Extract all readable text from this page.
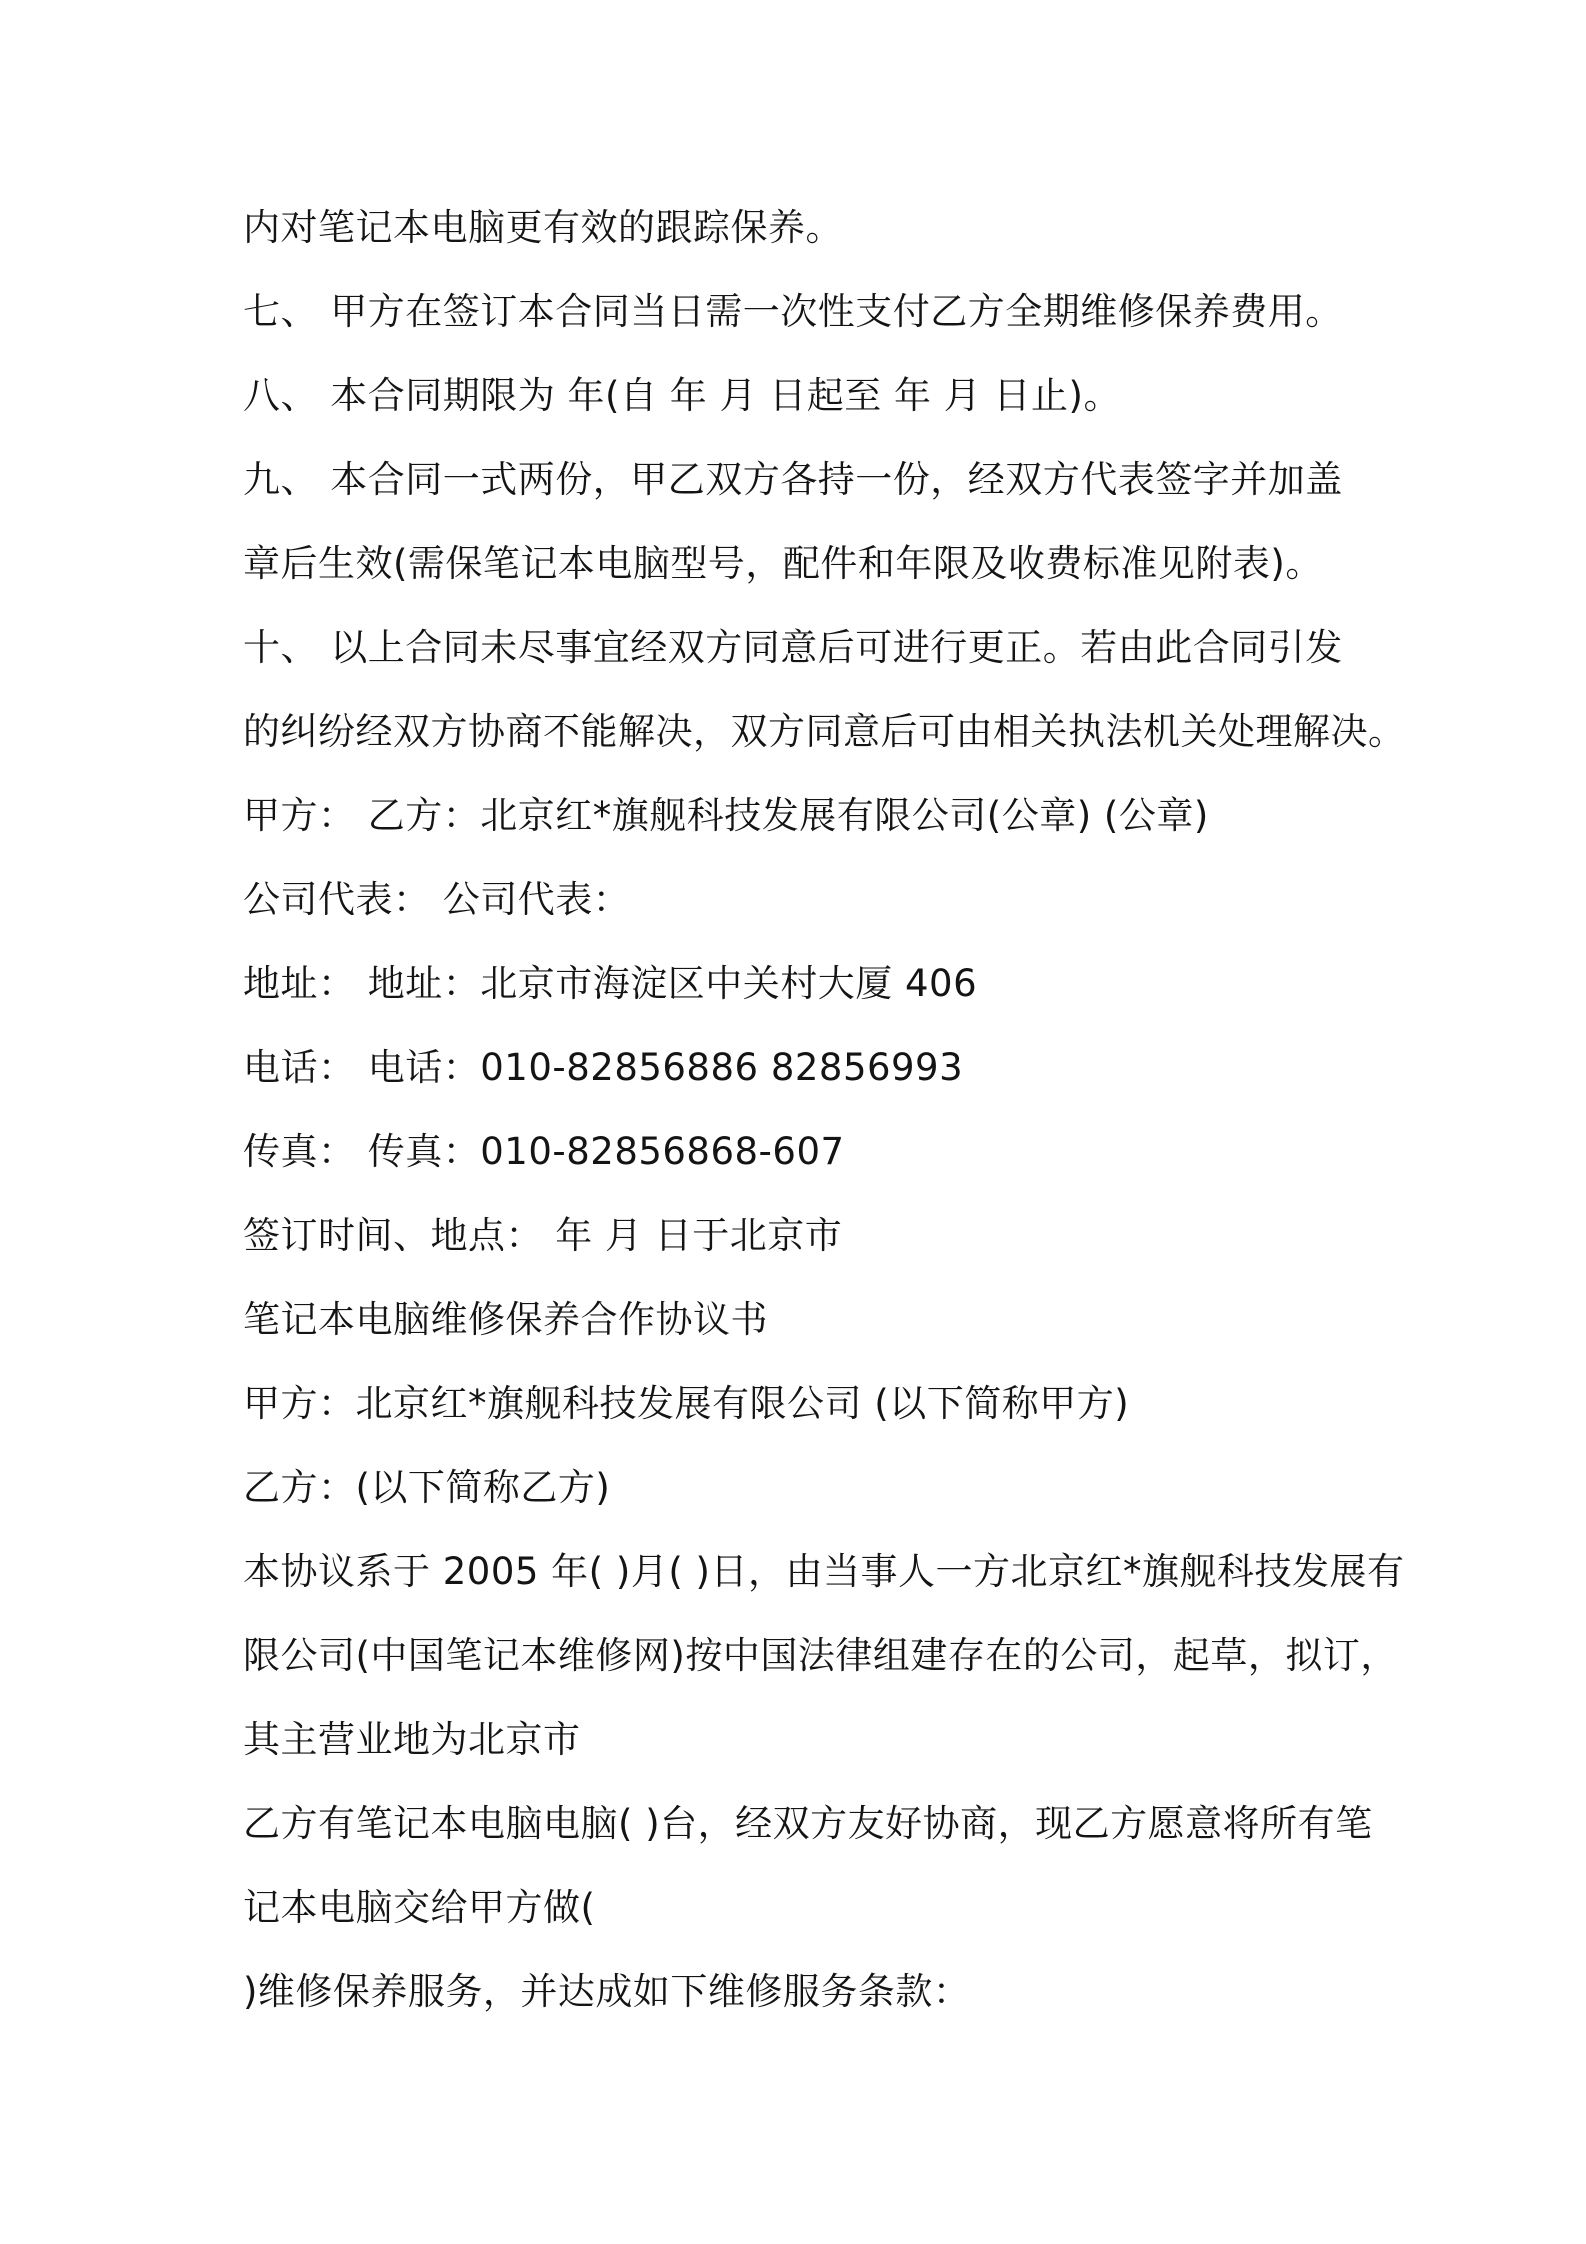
内对笔记本电脑更有效的跟踪保养。
七、 甲方在签订本合同当日需一次性支付乙方全期维修保养费用。
八、 本合同期限为 年(自 年 月 日起至 年 月 日止)。
九、 本合同一式两份，甲乙双方各持一份，经双方代表签字并加盖
章后生效(需保笔记本电脑型号，配件和年限及收费标准见附表)。
十、 以上合同未尽事宜经双方同意后可进行更正。若由此合同引发
的纠纷经双方协商不能解决，双方同意后可由相关执法机关处理解决。
甲方： 乙方：北京红*旗舰科技发展有限公司(公章) (公章)
公司代表： 公司代表：
地址： 地址：北京市海淀区中关村大厦 406
电话： 电话：010-82856886 82856993
传真： 传真：010-82856868-607
签订时间、地点： 年 月 日于北京市
笔记本电脑维修保养合作协议书
甲方：北京红*旗舰科技发展有限公司 (以下简称甲方)
乙方：(以下简称乙方)
本协议系于 2005 年( )月( )日，由当事人一方北京红*旗舰科技发展有
限公司(中国笔记本维修网)按中国法律组建存在的公司，起草，拟订，
其主营业地为北京市
乙方有笔记本电脑电脑( )台，经双方友好协商，现乙方愿意将所有笔
记本电脑交给甲方做(
)维修保养服务，并达成如下维修服务条款：
